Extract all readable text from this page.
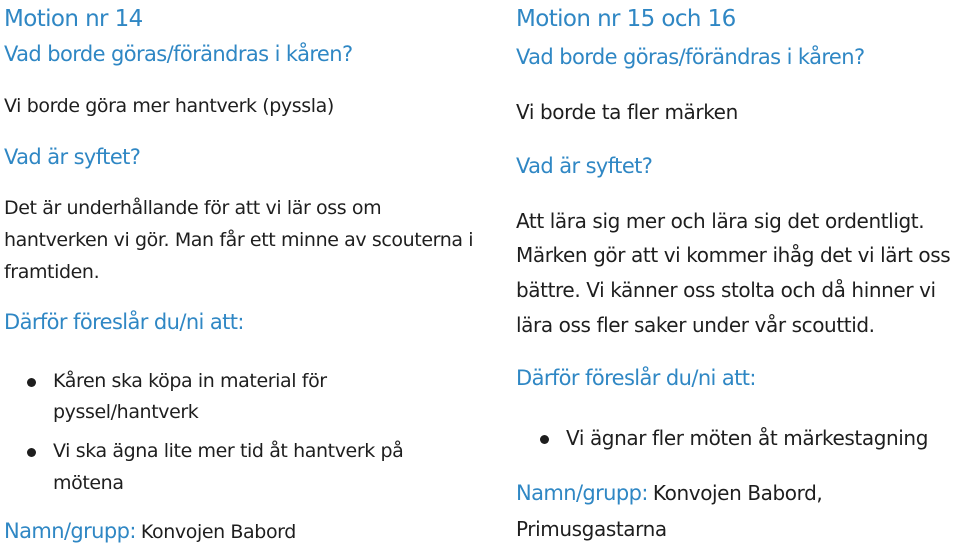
Motion nr 14
Vad borde göras/förändras i kåren?
Vi borde göra mer hantverk (pyssla)
Vad är syftet?
Det är underhållande för att vi lär oss om
hantverken vi gör. Man får ett minne av scouterna i
framtiden.
Därför föreslår du/ni att:
Kåren ska köpa in material för
pyssel/hantverk
Vi ska ägna lite mer tid åt hantverk på
mötena
Namn/grupp: Konvojen Babord
Motion nr 15 och 16
Vad borde göras/förändras i kåren?
Vi borde ta fler märken
Vad är syftet?
Att lära sig mer och lära sig det ordentligt.
Märken gör att vi kommer ihåg det vi lärt oss
bättre. Vi känner oss stolta och då hinner vi
lära oss fler saker under vår scouttid.
Därför föreslår du/ni att:
Vi ägnar fler möten åt märkestagning
Namn/grupp: Konvojen Babord,
Primusgastarna
